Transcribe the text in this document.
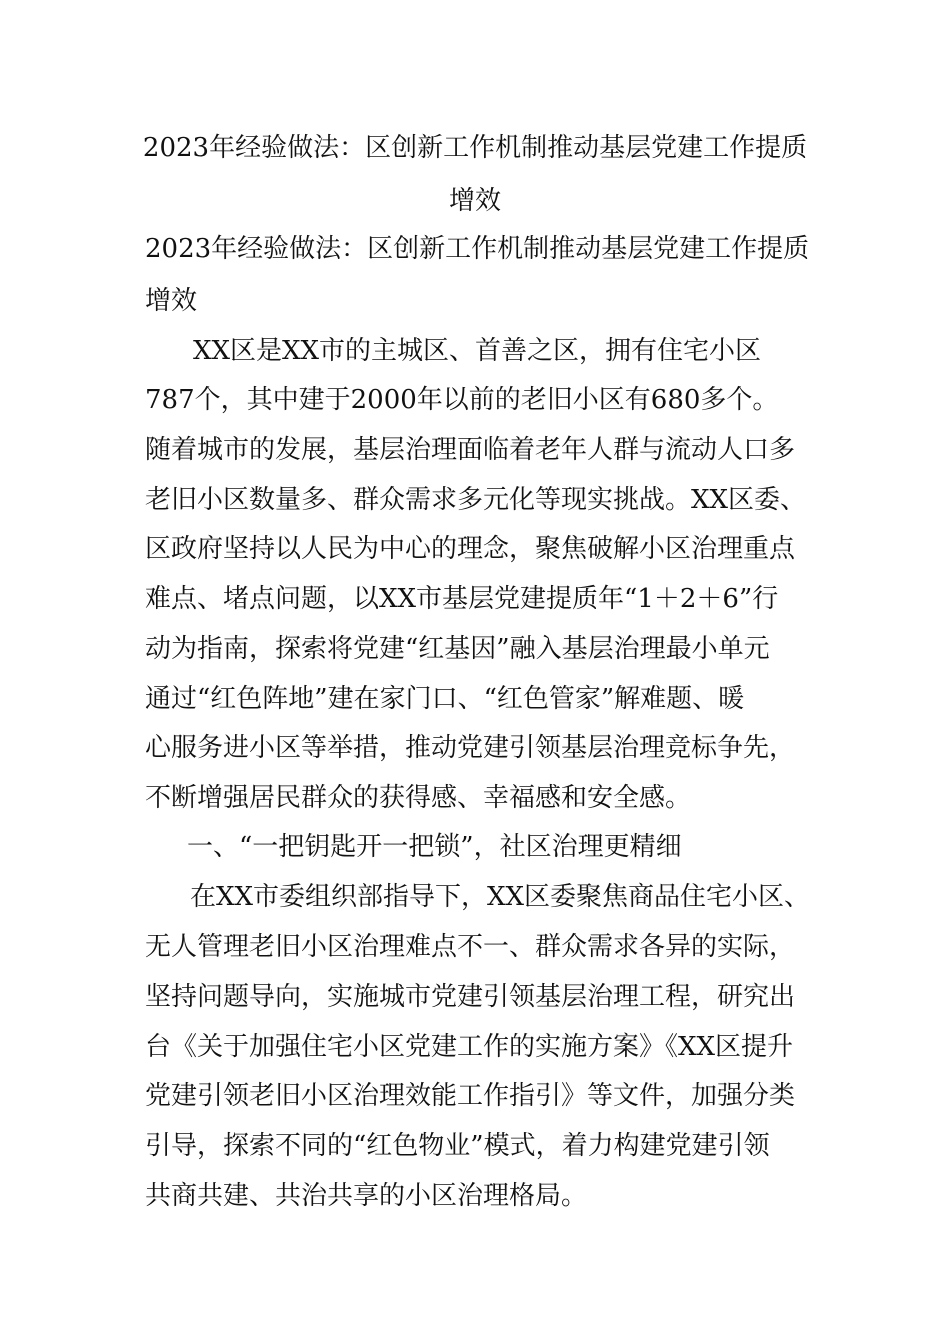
2023年经验做法：区创新工作机制推动基层党建工作提质
增效
2023年经验做法：区创新工作机制推动基层党建工作提质
增效
XX区是XX市的主城区、首善之区，拥有住宅小区
787个，其中建于2000年以前的老旧小区有680多个。
随着城市的发展，基层治理面临着老年人群与流动人口多
老旧小区数量多、群众需求多元化等现实挑战。XX区委、
区政府坚持以人民为中心的理念，聚焦破解小区治理重点
难点、堵点问题，以XX市基层党建提质年“1＋2＋6”行
动为指南，探索将党建“红基因”融入基层治理最小单元
通过“红色阵地”建在家门口、“红色管家”解难题、暖
心服务进小区等举措，推动党建引领基层治理竞标争先，
不断增强居民群众的获得感、幸福感和安全感。
一、“一把钥匙开一把锁”，社区治理更精细
在XX市委组织部指导下，XX区委聚焦商品住宅小区、
无人管理老旧小区治理难点不一、群众需求各异的实际，
坚持问题导向，实施城市党建引领基层治理工程，研究出
台《关于加强住宅小区党建工作的实施方案》《XX区提升
党建引领老旧小区治理效能工作指引》等文件，加强分类
引导，探索不同的“红色物业”模式，着力构建党建引领
共商共建、共治共享的小区治理格局。
